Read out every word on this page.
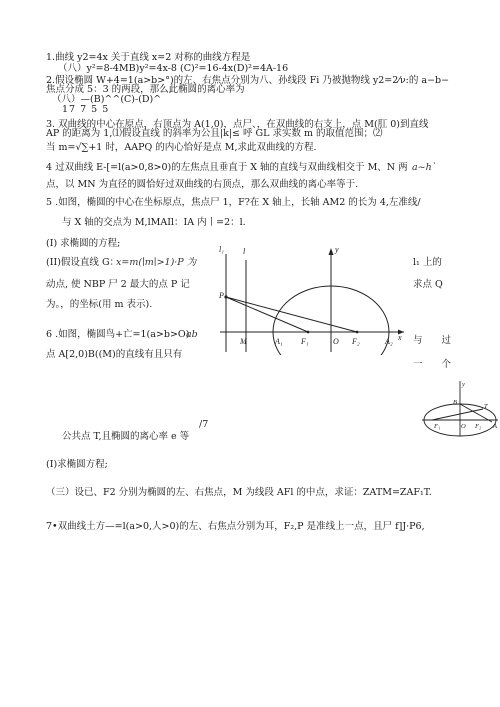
1.曲线 y2=4x 关于直线 x=2 对称的曲线方程是
（八）y²=8-4MB)y²=4x-8 (C)²=16-4x(D)²=4A-16
2.假设椭圆 W+4=1(a>b>°)的左、右焦点分别为八、孙线段 Fi 乃被抛物线 y2=2⁄ν:的 a−b−
焦点分成 5：3 的两段，那么此椭圆的离心率为
（八）—(B)^^(C)-(D)^
17 7 5 5
3. 双曲线的中心在原点，右顶点为 A(1,0)，点尸、，在双曲线的右支上，点 M(肛 0)到直线
AP 的距离为 1,⑴假设直线 的斜率为公且|k|≤ 呼 GL 求实数 m 的取值范围；⑵
当 m=√∑+1 时，AAPQ 的内心恰好是点 M,求此双曲线的方程.
4 过双曲线 E-[=l(a>0,8>0)的左焦点且垂直于 X 轴的直线与双曲线相交于 M、N 两 a~h`
点，以 MN 为直径的圆恰好过双曲线的右顶点，那么双曲线的离心率等于.
5 .如图，椭圆的中心在坐标原点，焦点尸 1，F?在 X 轴上，长轴 AM2 的长为 4,左准线/
与 X 轴的交点为 M,lMAIl：IA 内丨=2：l.
(I) 求椭圆的方程;
(II)假设直线 G：
x=m(∣m∣>1)·P 为	l₁ 上的
动点, 使 NBP 尸 2 最大的点 P 记	求点 Q
为。，的坐标(用 m 表示).
l₁ l	y
P
M	A₁ F₁	O F₂	A₂ x
6 .如图，椭圆鸟+亡=1(a>b>O)
ab
与 过
点 A[2,0)B((M)的直线有且只有
一 个
/7
公共点 T,且椭圆的离心率 e 等
(I)求椭圆方程;
y
B
T
F₁	O F₂ A
（三）设已、F2 分别为椭圆的左、右焦点，M 为线段 AFl 的中点，求证：ZATM=ZAF₁T.
7•双曲线土方—=l(a>0,人>0)的左、右焦点分别为耳，F₂,P 是准线上一点，且尸 f]J·P6,
